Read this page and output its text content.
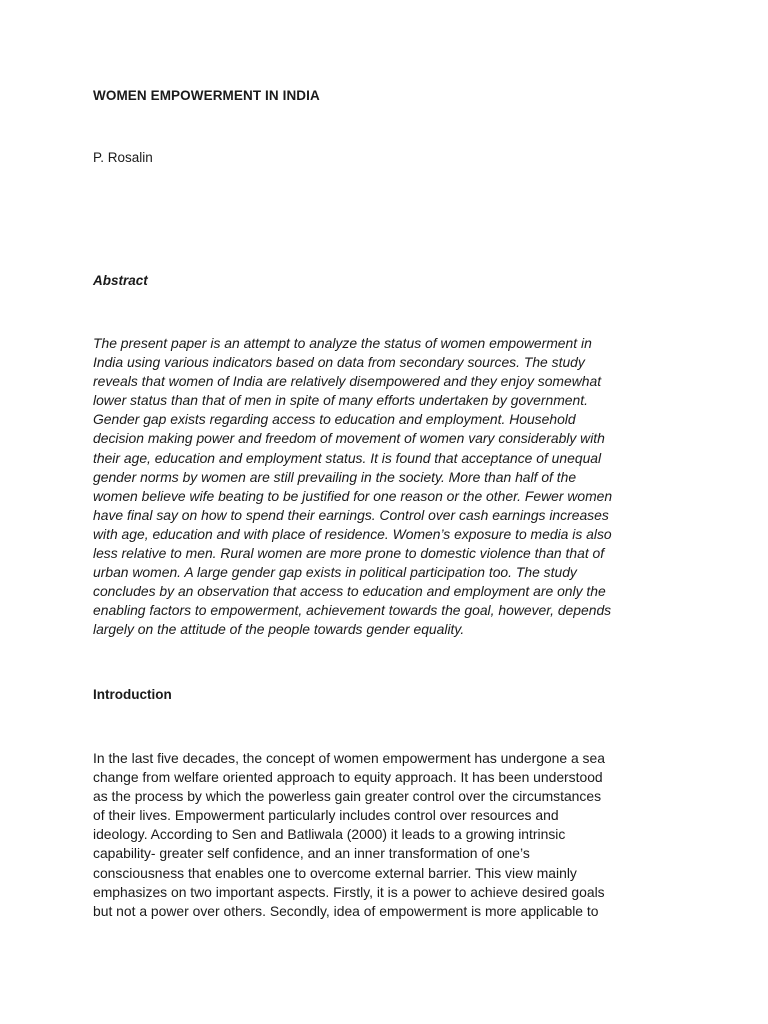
WOMEN EMPOWERMENT IN INDIA

P. Rosalin

Abstract
The present paper is an attempt to analyze the status of women empowerment in
India using various indicators based on data from secondary sources. The study
reveals that women of India are relatively disempowered and they enjoy somewhat
lower status than that of men in spite of many efforts undertaken by government.
Gender gap exists regarding access to education and employment. Household
decision making power and freedom of movement of women vary considerably with
their age, education and employment status. It is found that acceptance of unequal
gender norms by women are still prevailing in the society. More than half of the
women believe wife beating to be justified for one reason or the other. Fewer women
have final say on how to spend their earnings. Control over cash earnings increases
with age, education and with place of residence. Women’s exposure to media is also
less relative to men. Rural women are more prone to domestic violence than that of
urban women. A large gender gap exists in political participation too. The study
concludes by an observation that access to education and employment are only the
enabling factors to empowerment, achievement towards the goal, however, depends
largely on the attitude of the people towards gender equality.
Introduction
In the last five decades, the concept of women empowerment has undergone a sea
change from welfare oriented approach to equity approach. It has been understood
as the process by which the powerless gain greater control over the circumstances
of their lives. Empowerment particularly includes control over resources and
ideology. According to Sen and Batliwala (2000) it leads to a growing intrinsic
capability- greater self confidence, and an inner transformation of one’s
consciousness that enables one to overcome external barrier. This view mainly
emphasizes on two important aspects. Firstly, it is a power to achieve desired goals
but not a power over others. Secondly, idea of empowerment is more applicable to
